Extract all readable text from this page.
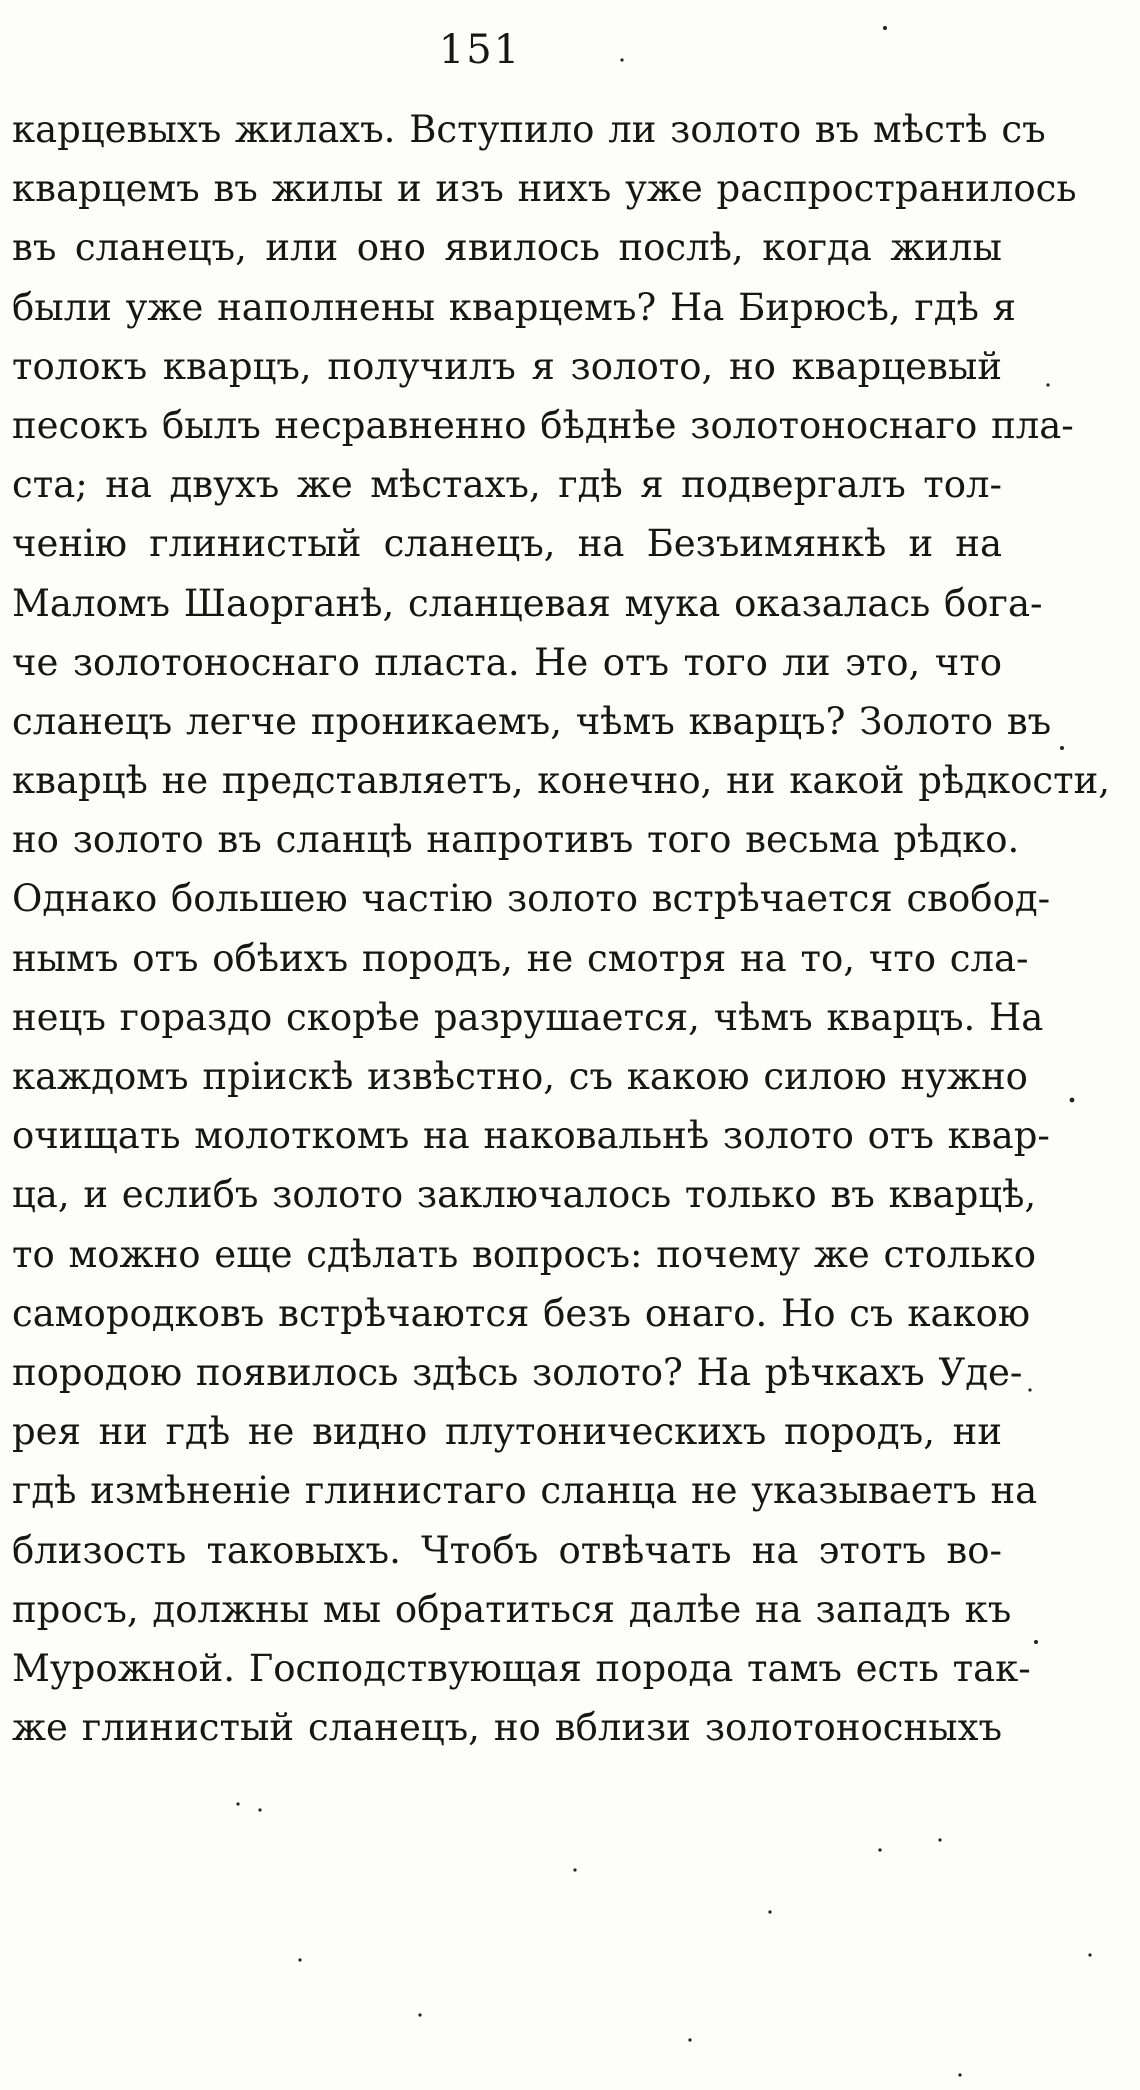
151
карцевыхъ жилахъ. Вступило ли золото въ мѣстѣ съ
кварцемъ въ жилы и изъ нихъ уже распространилось
въ сланецъ, или оно явилось послѣ, когда жилы
были уже наполнены кварцемъ? На Бирюсѣ, гдѣ я
толокъ кварцъ, получилъ я золото, но кварцевый
песокъ былъ несравненно бѣднѣе золотоноснаго пла-
ста; на двухъ же мѣстахъ, гдѣ я подвергалъ тол-
ченію глинистый сланецъ, на Безъимянкѣ и на
Маломъ Шаорганѣ, сланцевая мука оказалась бога-
че золотоноснаго пласта. Не отъ того ли это, что
сланецъ легче проникаемъ, чѣмъ кварцъ? Золото въ
кварцѣ не представляетъ, конечно, ни какой рѣдкости,
но золото въ сланцѣ напротивъ того весьма рѣдко.
Однако большею частію золото встрѣчается свобод-
нымъ отъ обѣихъ породъ, не смотря на то, что сла-
нецъ гораздо скорѣе разрушается, чѣмъ кварцъ. На
каждомъ пріискѣ извѣстно, съ какою силою нужно
очищать молоткомъ на наковальнѣ золото отъ квар-
ца, и еслибъ золото заключалось только въ кварцѣ,
то можно еще сдѣлать вопросъ: почему же столько
самородковъ встрѣчаются безъ онаго. Но съ какою
породою появилось здѣсь золото? На рѣчкахъ Уде-
рея ни гдѣ не видно плутоническихъ породъ, ни
гдѣ измѣненіе глинистаго сланца не указываетъ на
близость таковыхъ. Чтобъ отвѣчать на этотъ во-
просъ, должны мы обратиться далѣе на западъ къ
Мурожной. Господствующая порода тамъ есть так-
же глинистый сланецъ, но вблизи золотоносныхъ
